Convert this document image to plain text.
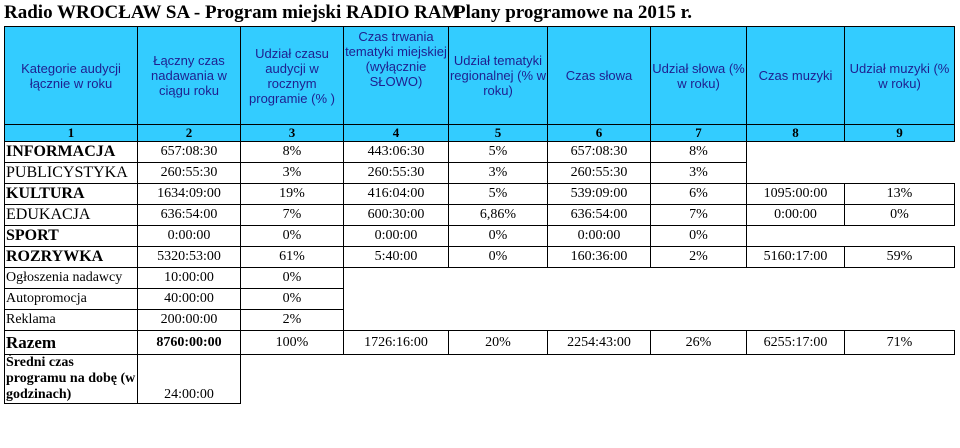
Radio WROCŁAW SA - Program miejski RADIO RAM
Plany programowe na 2015 r.
Kategorie audycji łącznie w roku	Łączny czas nadawania w ciągu roku	Udział czasu audycji w rocznym programie (% )	Czas trwania tematyki miejskiej (wyłącznie SŁOWO)	Udział tematyki regionalnej (% w roku)	Czas słowa	Udział słowa (% w roku)	Czas muzyki	Udział muzyki (% w roku)
1	2	3	4	5	6	7	8	9
INFORMACJA	657:08:30	8%	443:06:30	5%	657:08:30	8%		
PUBLICYSTYKA	260:55:30	3%	260:55:30	3%	260:55:30	3%		
KULTURA	1634:09:00	19%	416:04:00	5%	539:09:00	6%	1095:00:00	13%
EDUKACJA	636:54:00	7%	600:30:00	6,86%	636:54:00	7%	0:00:00	0%
SPORT	0:00:00	0%	0:00:00	0%	0:00:00	0%		
ROZRYWKA	5320:53:00	61%	5:40:00	0%	160:36:00	2%	5160:17:00	59%
Ogłoszenia nadawcy	10:00:00	0%						
Autopromocja	40:00:00	0%						
Reklama	200:00:00	2%						
Razem	8760:00:00	100%	1726:16:00	20%	2254:43:00	26%	6255:17:00	71%
Średni czas programu na dobę (w godzinach)	24:00:00							
